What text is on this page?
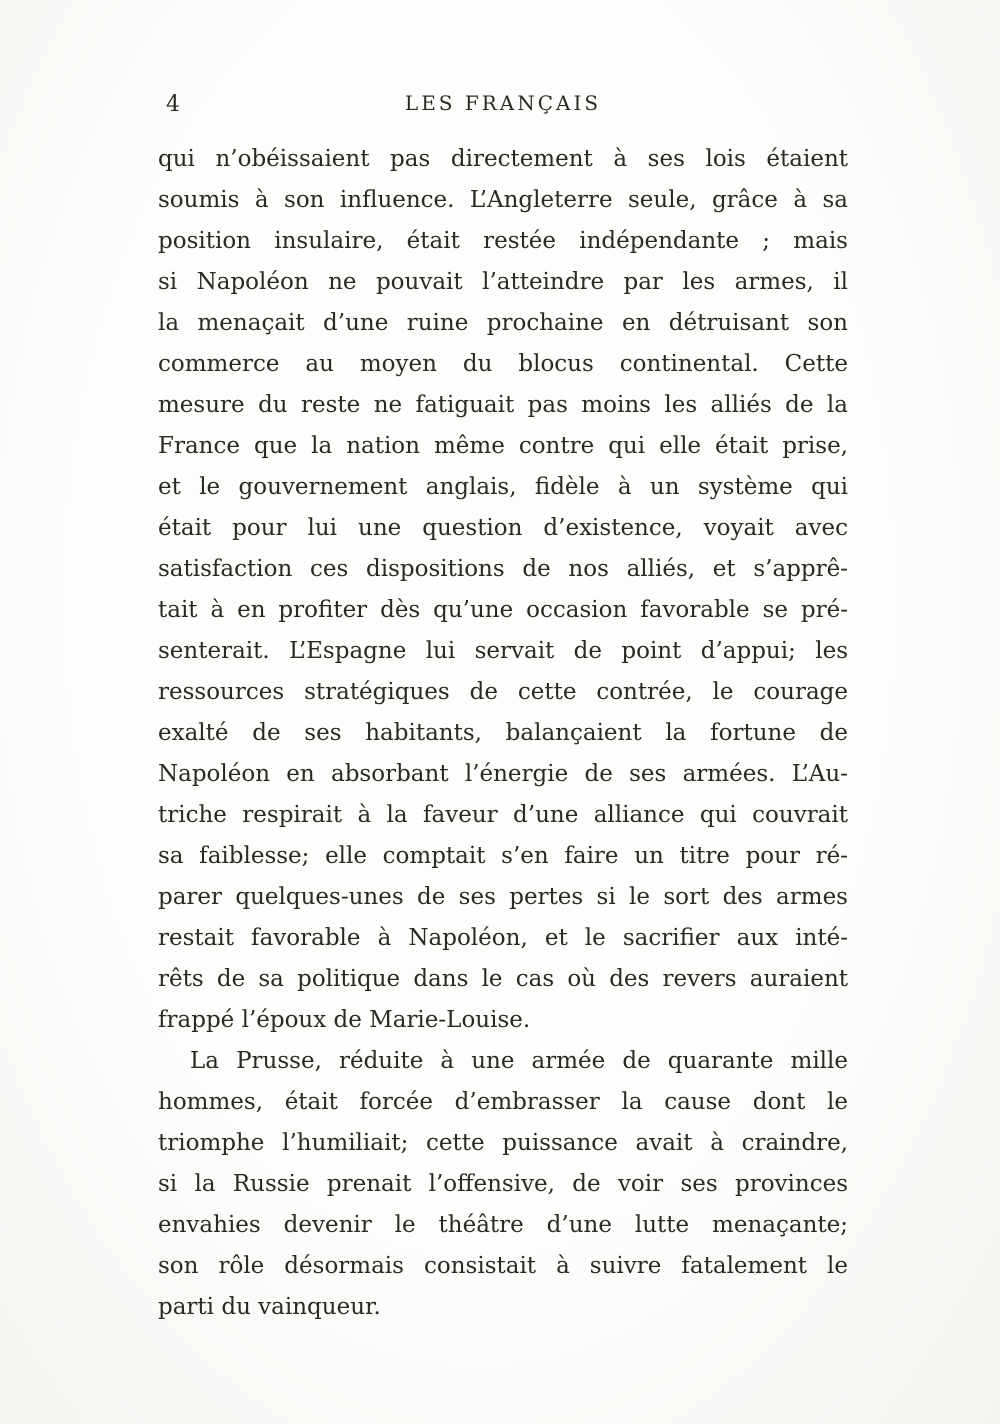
4	LES FRANÇAIS
qui n’obéissaient pas directement à ses lois étaient
soumis à son influence. L’Angleterre seule, grâce à sa
position insulaire, était restée indépendante ; mais
si Napoléon ne pouvait l’atteindre par les armes, il
la menaçait d’une ruine prochaine en détruisant son
commerce au moyen du blocus continental. Cette
mesure du reste ne fatiguait pas moins les alliés de la
France que la nation même contre qui elle était prise,
et le gouvernement anglais, fidèle à un système qui
était pour lui une question d’existence, voyait avec
satisfaction ces dispositions de nos alliés, et s’apprê-
tait à en profiter dès qu’une occasion favorable se pré-
senterait. L’Espagne lui servait de point d’appui; les
ressources stratégiques de cette contrée, le courage
exalté de ses habitants, balançaient la fortune de
Napoléon en absorbant l’énergie de ses armées. L’Au-
triche respirait à la faveur d’une alliance qui couvrait
sa faiblesse; elle comptait s’en faire un titre pour ré-
parer quelques-unes de ses pertes si le sort des armes
restait favorable à Napoléon, et le sacrifier aux inté-
rêts de sa politique dans le cas où des revers auraient
frappé l’époux de Marie-Louise.
La Prusse, réduite à une armée de quarante mille
hommes, était forcée d’embrasser la cause dont le
triomphe l’humiliait; cette puissance avait à craindre,
si la Russie prenait l’offensive, de voir ses provinces
envahies devenir le théâtre d’une lutte menaçante;
son rôle désormais consistait à suivre fatalement le
parti du vainqueur.
